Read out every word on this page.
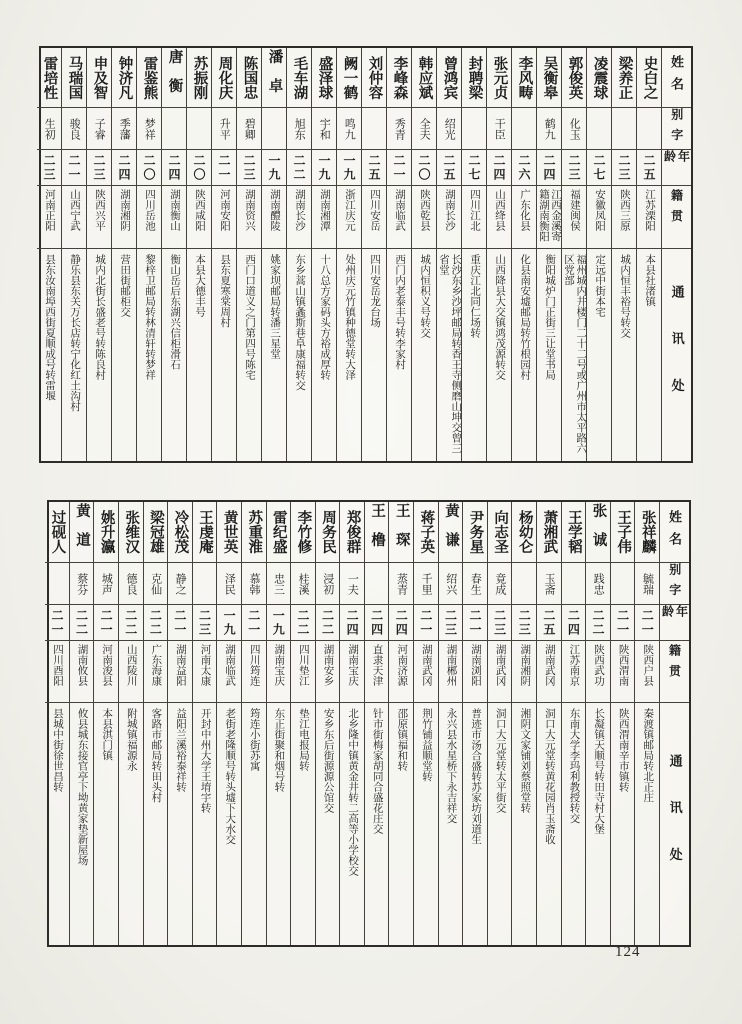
姓名
别字
年龄
籍贯
通讯处
史白之
二五
江苏溧阳
本县社渚镇
梁养正
二三
陕西三原
城内恒丰裕号转交
凌震球
二七
安徽凤阳
定远中街本宅
郭俊英
化玉
二三
福建闽侯
福州城内井楼门二十二号或广州市太平路六区党部
吴衡皋
鹤九
二四
江西金溪寄籍湖南衡阳
衡阳城炉门正街三让堂书局
李风畴
二六
广东化县
化县南安墟邮局转竹根园村
张元贞
干臣
二四
山西绛县
山西降县大交镇鸿茂源转交
封聘梁
二七
四川江北
重庆江北同仁场转
曾鸿宾
绍光
二五
湖南长沙
长沙东乡沙坪邮局转香王寺侧磨山坤交曾三省堂
韩应斌
全夫
二〇
陕西乾县
城内恒积义号转交
李峰森
秀青
二一
湖南临武
西门内老泰丰号转李家村
刘仲容
二五
四川安岳
四川安岳龙台场
阙一鹤
鸣九
一九
浙江庆元
处州庆元竹镇种德堂转大泽
盛泽球
宇和
一九
湖南湘潭
十八总方家码头方裕成厚转
毛车湖
旭东
二二
湖南长沙
东乡蒿山镇螽斯巷阜康福转交
潘卓
一九
湖南醴陵
姚家坝邮局转潘三星堂
陈国忠
碧卿
二三
湖南资兴
西门口道义之门第四号陈宅
周化庆
升平
二一
河南安阳
县东夏寒棠周村
苏振刚
二〇
陕西咸阳
本县大德丰号
唐衡
二四
湖南衡山
衡山岳后东湖兴信柜滑石
雷鉴熊
梦祥
二〇
四川岳池
黎梓卫邮局转林清轩转梦祥
钟济凡
季藩
二四
湖南湘阴
营田街邮柜交
申及智
子睿
二三
陕西兴平
城内北街长盛老号转陈良村
马瑞国
骏良
二一
山西宁武
静乐县东关万长店转宁化红土沟村
雷培性
生初
二三
河南正阳
县东汝南埠西街夏顺成号转雷堰
姓名
别字
年龄
籍贯
通讯处
张祥麟
毓瑞
二一
陕西户县
秦渡镇邮局转北正庄
王子伟
二一
陕西渭南
陕西渭南辛市镇转
张诚
践忠
二二
陕西武功
长凝镇天顺号转田寺村大堡
王学韬
二四
江苏南京
东南大学李玛利教授转交
萧湘武
玉斋
二五
湖南武冈
洞口大元堂转黄花园肖玉斋收
杨幼仑
二三
湖南湘阴
湘阴文家铺刘蔡照堂转
向志圣
竟成
二三
湖南武冈
洞口大元堂转太平街交
尹务星
春生
二一
湖南浏阳
普迹市汤合盛转苏家坊刘道生
黄谦
绍兴
二三
湖南郴州
永兴县水星桥下永吉祥交
蒋子英
千里
二一
湖南武冈
荆竹铺益顺堂转
王琛
蒸青
二四
河南济源
邵原镇福和转
王橹
二四
直隶天津
针市街梅家胡同合盛花庄交
郑俊群
一夫
二四
湖南宝庆
北乡隆中镇黄金井转二高等小学校交
周务民
浸初
二二
湖南安乡
安乡东后街源源公馆交
李竹修
桂溪
二二
四川垫江
垫江电报局转
雷纪盛
忠三
一九
湖南宝庆
东正街聚和烟号转
苏重淮
慕韩
二一
四川筠连
筠连小街苏寓
黄世英
泽民
一九
湖南临武
老街老隆顺号转头墟下大水交
王虔庵
二三
河南太康
开封中州大学王堉宇转
冷松茂
静之
二一
湖南益阳
益阳兰溪裕泰祥转
梁冠雄
克仙
二二
广东海康
客路市邮局转田头村
张维汉
德良
二二
山西陵川
附城镇福源永
姚升瀛
城声
二一
河南浚县
本县淇门镇
黄道
蔡芬
二二
湖南攸县
攸县城东接官亭下坳黄家垫新屋场
过砚人
二一
四川酉阳
县城中街徐世昌转
124
